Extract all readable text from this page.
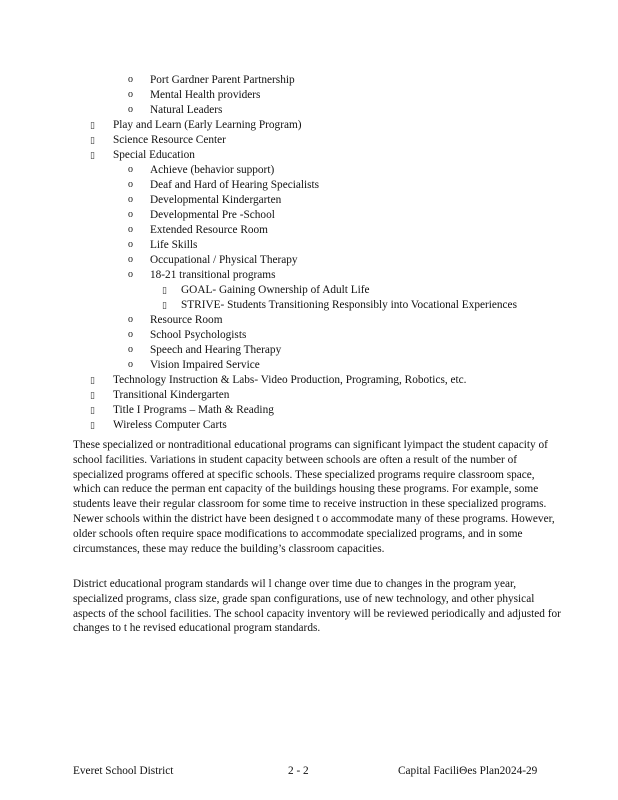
o Port Gardner Parent Partnership
o Mental Health providers
o Natural Leaders
▯ Play and Learn (Early Learning Program)
▯ Science Resource Center
▯ Special Education
o Achieve (behavior support)
o Deaf and Hard of Hearing Specialists
o Developmental Kindergarten
o Developmental Pre -School
o Extended Resource Room
o Life Skills
o Occupational / Physical Therapy
o 18-21 transitional programs
▯ GOAL- Gaining Ownership of Adult Life
▯ STRIVE- Students Transitioning Responsibly into Vocational Experiences
o Resource Room
o School Psychologists
o Speech and Hearing Therapy
o Vision Impaired Service
▯ Technology Instruction & Labs- Video Production, Programing, Robotics, etc.
▯ Transitional Kindergarten
▯ Title I Programs – Math & Reading
▯ Wireless Computer Carts
These specialized or nontraditional educational programs can significant lyimpact the student capacity of school facilities. Variations in student capacity between schools are often a result of the number of specialized programs offered at specific schools. These specialized programs require classroom space, which can reduce the perman ent capacity of the buildings housing these programs. For example, some students leave their regular classroom for some time to receive instruction in these specialized programs. Newer schools within the district have been designed t o accommodate many of these programs. However, older schools often require space modifications to accommodate specialized programs, and in some circumstances, these may reduce the building’s classroom capacities.
District educational program standards wil l change over time due to changes in the program year, specialized programs, class size, grade span configurations, use of new technology, and other physical aspects of the school facilities. The school capacity inventory will be reviewed periodically and adjusted for changes to t he revised educational program standards.
Everet School District	2 - 2	Capital FaciliΘes Plan2024-29
